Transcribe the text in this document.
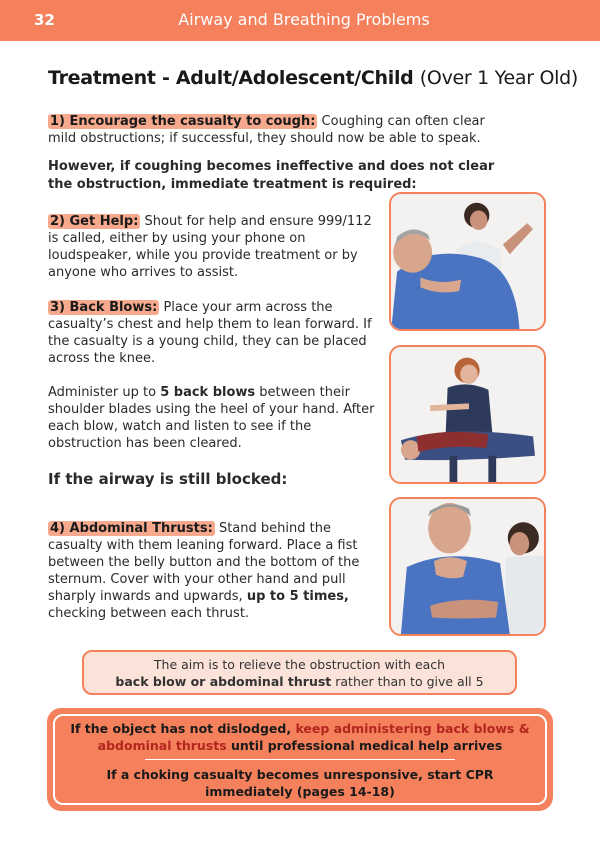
32	Airway and Breathing Problems
Treatment - Adult/Adolescent/Child (Over 1 Year Old)
1) Encourage the casualty to cough: Coughing can often clear mild obstructions; if successful, they should now be able to speak.
However, if coughing becomes ineffective and does not clear the obstruction, immediate treatment is required:
2) Get Help: Shout for help and ensure 999/112 is called, either by using your phone on loudspeaker, while you provide treatment or by anyone who arrives to assist.
3) Back Blows: Place your arm across the casualty’s chest and help them to lean forward. If the casualty is a young child, they can be placed across the knee.
Administer up to 5 back blows between their shoulder blades using the heel of your hand. After each blow, watch and listen to see if the obstruction has been cleared.
If the airway is still blocked:
4) Abdominal Thrusts: Stand behind the casualty with them leaning forward. Place a fist between the belly button and the bottom of the sternum. Cover with your other hand and pull sharply inwards and upwards, up to 5 times, checking between each thrust.
The aim is to relieve the obstruction with each
back blow or abdominal thrust rather than to give all 5
If the object has not dislodged, keep administering back blows & abdominal thrusts until professional medical help arrives
If a choking casualty becomes unresponsive, start CPR immediately (pages 14-18)
